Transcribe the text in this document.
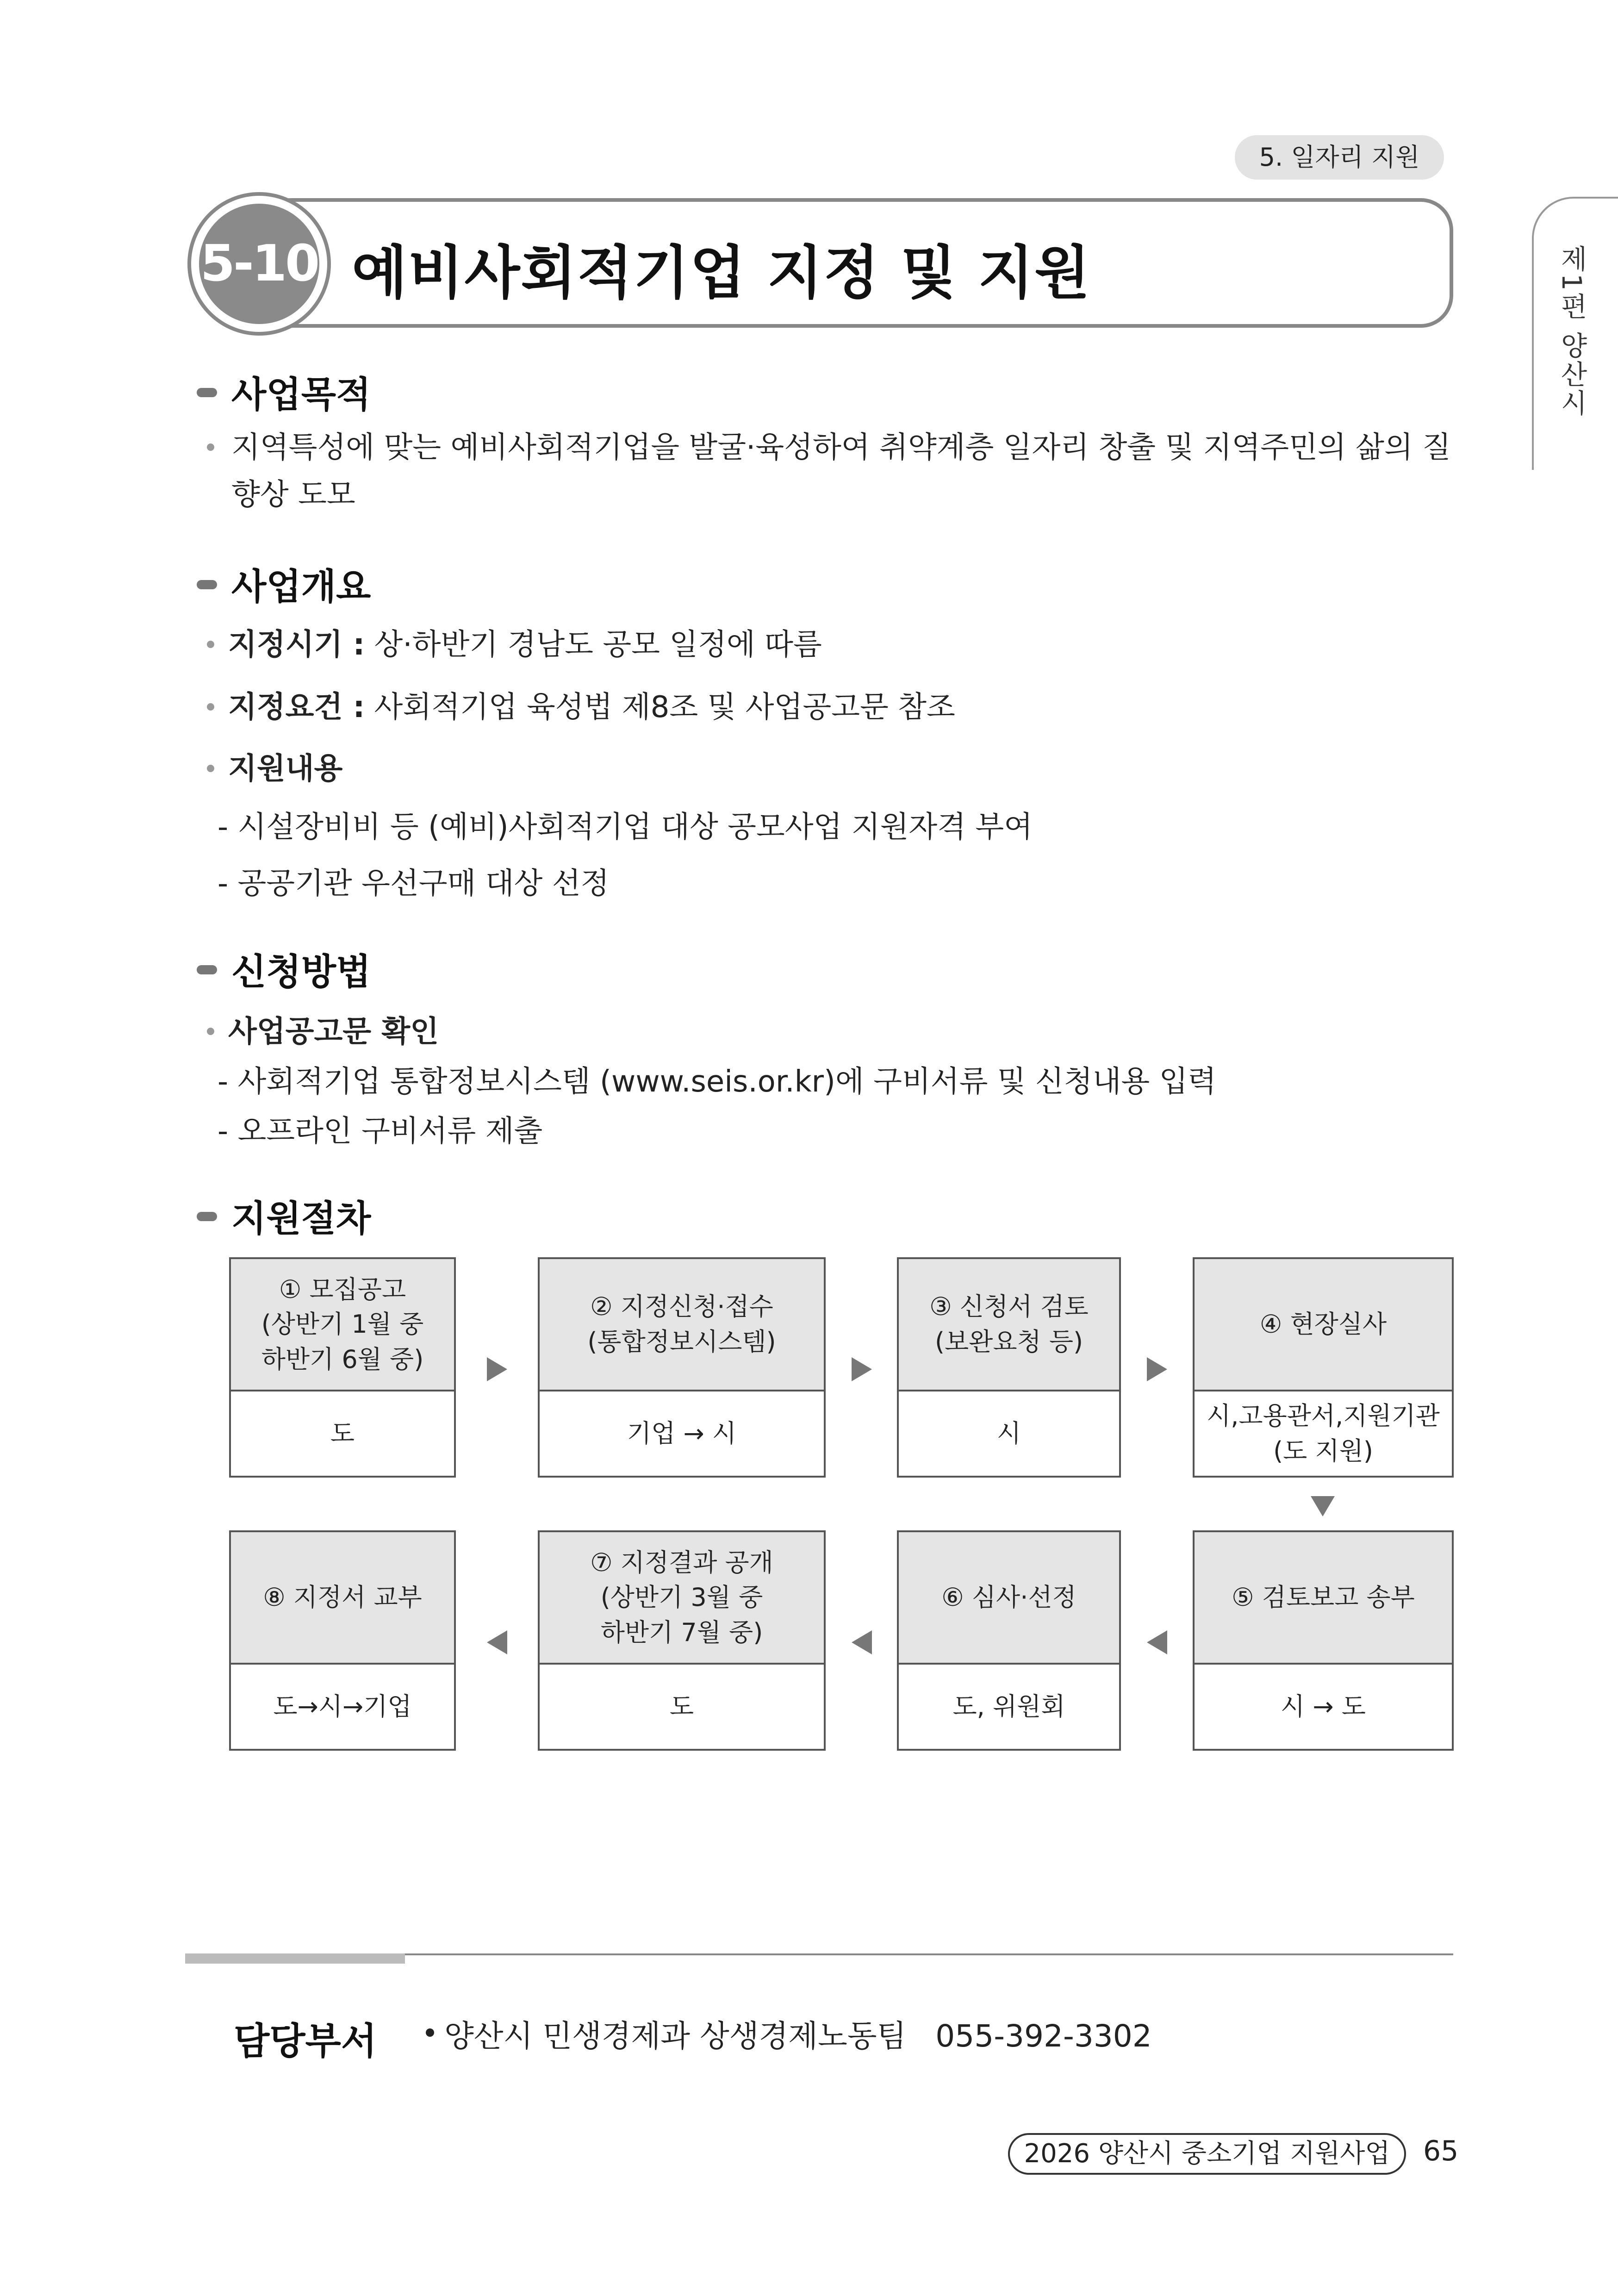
5. 일자리 지원
제1편 양산시
5-10 예비사회적기업 지정 및 지원
사업목적
지역특성에 맞는 예비사회적기업을 발굴·육성하여 취약계층 일자리 창출 및 지역주민의 삶의 질
향상 도모
사업개요
지정시기 : 상·하반기 경남도 공모 일정에 따름
지정요건 : 사회적기업 육성법 제8조 및 사업공고문 참조
지원내용
- 시설장비비 등 (예비)사회적기업 대상 공모사업 지원자격 부여
- 공공기관 우선구매 대상 선정
신청방법
사업공고문 확인
- 사회적기업 통합정보시스템 (www.seis.or.kr)에 구비서류 및 신청내용 입력
- 오프라인 구비서류 제출
지원절차
① 모집공고
(상반기 1월 중
하반기 6월 중)
도
② 지정신청·접수
(통합정보시스템)
기업 → 시
③ 신청서 검토
(보완요청 등)
시
④ 현장실사
시,고용관서,지원기관
(도 지원)
⑤ 검토보고 송부
시 → 도
⑥ 심사·선정
도, 위원회
⑦ 지정결과 공개
(상반기 3월 중
하반기 7월 중)
도
⑧ 지정서 교부
도→시→기업
담당부서 양산시 민생경제과 상생경제노동팀   055-392-3302
2026 양산시 중소기업 지원사업	65
